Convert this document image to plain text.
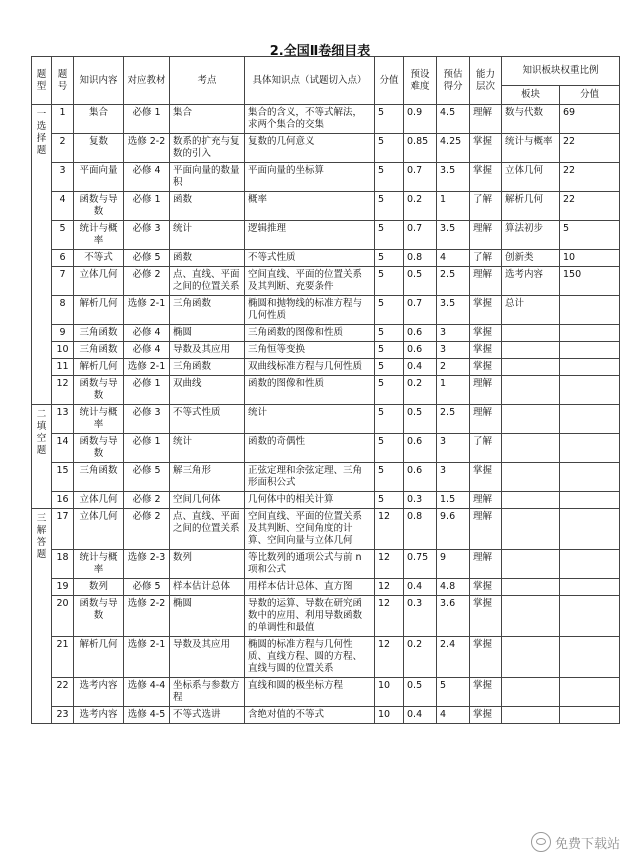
2.全国Ⅱ卷细目表
题型	题号	知识内容	对应教材	考点	具体知识点（试题切入点）	分值	预设难度	预估得分	能力层次	知识板块权重比例	
										板块	分值

一选择题	1	集合	必修 1	集合	集合的含义，不等式解法，求两个集合的交集	5	0.9	4.5	理解	数与代数	69
	2	复数	选修 2-2	数系的扩充与复数的引入	复数的几何意义	5	0.85	4.25	掌握	统计与概率	22
	3	平面向量	必修 4	平面向量的数量积	平面向量的坐标算	5	0.7	3.5	掌握	立体几何	22
	4	函数与导数	必修 1	函数	概率	5	0.2	1	了解	解析几何	22
	5	统计与概率	必修 3	统计	逻辑推理	5	0.7	3.5	理解	算法初步	5
	6	不等式	必修 5	函数	不等式性质	5	0.8	4	了解	创新类	10
	7	立体几何	必修 2	点、直线、平面之间的位置关系	空间直线、平面的位置关系及其判断、充要条件	5	0.5	2.5	理解	选考内容	150
	8	解析几何	选修 2-1	三角函数	椭圆和抛物线的标准方程与几何性质	5	0.7	3.5	掌握	总计	
	9	三角函数	必修 4	椭圆	三角函数的图像和性质	5	0.6	3	掌握		
	10	三角函数	必修 4	导数及其应用	三角恒等变换	5	0.6	3	掌握		
	11	解析几何	选修 2-1	三角函数	双曲线标准方程与几何性质	5	0.4	2	掌握		
	12	函数与导数	必修 1	双曲线	函数的图像和性质	5	0.2	1	理解		

二填空题	13	统计与概率	必修 3	不等式性质	统计	5	0.5	2.5	理解		
	14	函数与导数	必修 1	统计	函数的奇偶性	5	0.6	3	了解		
	15	三角函数	必修 5	解三角形	正弦定理和余弦定理、三角形面积公式	5	0.6	3	掌握		
	16	立体几何	必修 2	空间几何体	几何体中的相关计算	5	0.3	1.5	理解		

三解答题	17	立体几何	必修 2	点、直线、平面之间的位置关系	空间直线、平面的位置关系及其判断、空间角度的计算、空间向量与立体几何	12	0.8	9.6	理解		
	18	统计与概率	选修 2-3	数列	等比数列的通项公式与前 n 项和公式	12	0.75	9	理解		
	19	数列	必修 5	样本估计总体	用样本估计总体、直方图	12	0.4	4.8	掌握		
	20	函数与导数	选修 2-2	椭圆	导数的运算、导数在研究函数中的应用、利用导数函数的单调性和最值	12	0.3	3.6	掌握		
	21	解析几何	选修 2-1	导数及其应用	椭圆的标准方程与几何性质、直线方程、圆的方程、直线与圆的位置关系	12	0.2	2.4	掌握		
	22	选考内容	选修 4-4	坐标系与参数方程	直线和圆的极坐标方程	10	0.5	5	掌握		
	23	选考内容	选修 4-5	不等式选讲	含绝对值的不等式	10	0.4	4	掌握		
免费下载站
